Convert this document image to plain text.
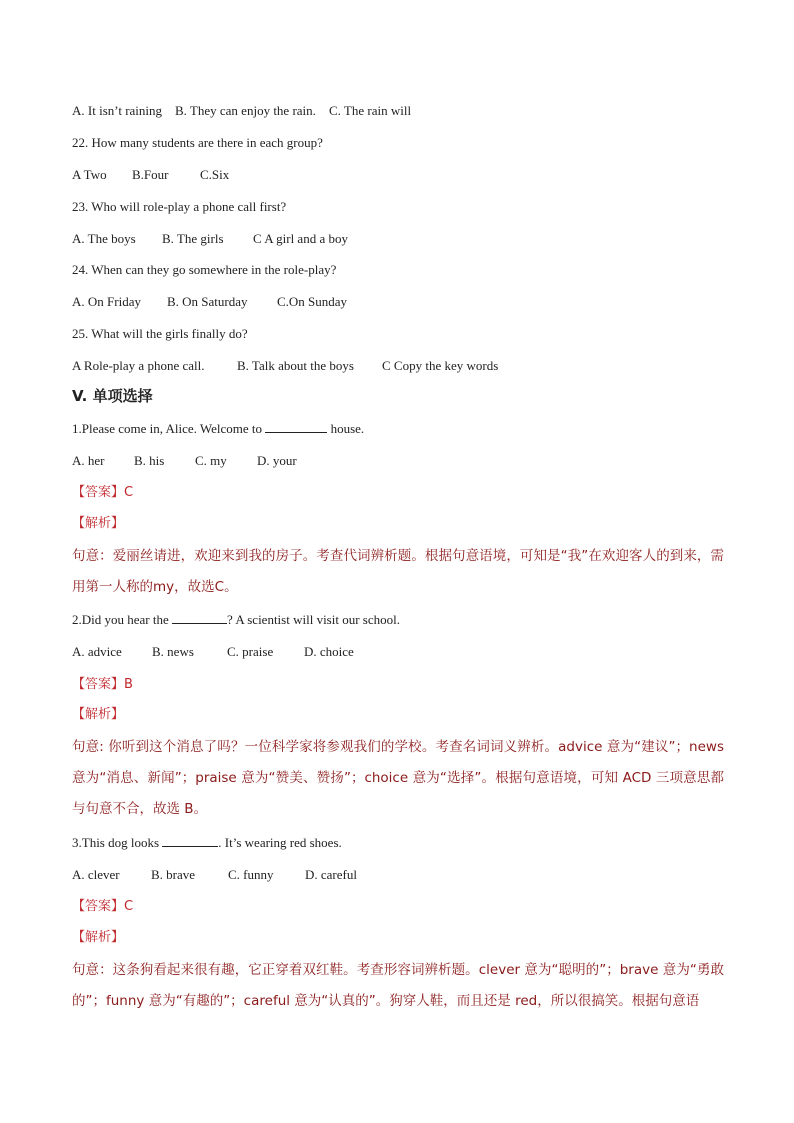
A. It isn’t raining B. They can enjoy the rain. C. The rain will
22. How many students are there in each group?
A Two B.Four C.Six
23. Who will role-play a phone call first?
A. The boys B. The girls C A girl and a boy
24. When can they go somewhere in the role-play?
A. On Friday B. On Saturday C.On Sunday
25. What will the girls finally do?
A Role-play a phone call.	B. Talk about the boys C Copy the key words
V. 单项选择
1.Please come in, Alice. Welcome to	house.
A. her B. his C. my D. your
【答案】C
【解析】
句意：爱丽丝请进，欢迎来到我的房子。考查代词辨析题。根据句意语境，可知是“我”在欢迎客人的到来，需用第一人称的my，故选C。
2.Did you hear the	? A scientist will visit our school.
A. advice B. news	C. praise D. choice
【答案】B
【解析】
句意: 你听到这个消息了吗？一位科学家将参观我们的学校。考查名词词义辨析。advice 意为“建议”；news 意为“消息、新闻”；praise 意为“赞美、赞扬”；choice 意为“选择”。根据句意语境，可知 ACD 三项意思都与句意不合，故选 B。
3.This dog looks	. It’s wearing red shoes.
A. clever B. brave	C. funny D. careful
【答案】C
【解析】
句意：这条狗看起来很有趣，它正穿着双红鞋。考查形容词辨析题。clever 意为“聪明的”；brave 意为“勇敢的”；funny 意为“有趣的”；careful 意为“认真的”。狗穿人鞋，而且还是 red，所以很搞笑。根据句意语
